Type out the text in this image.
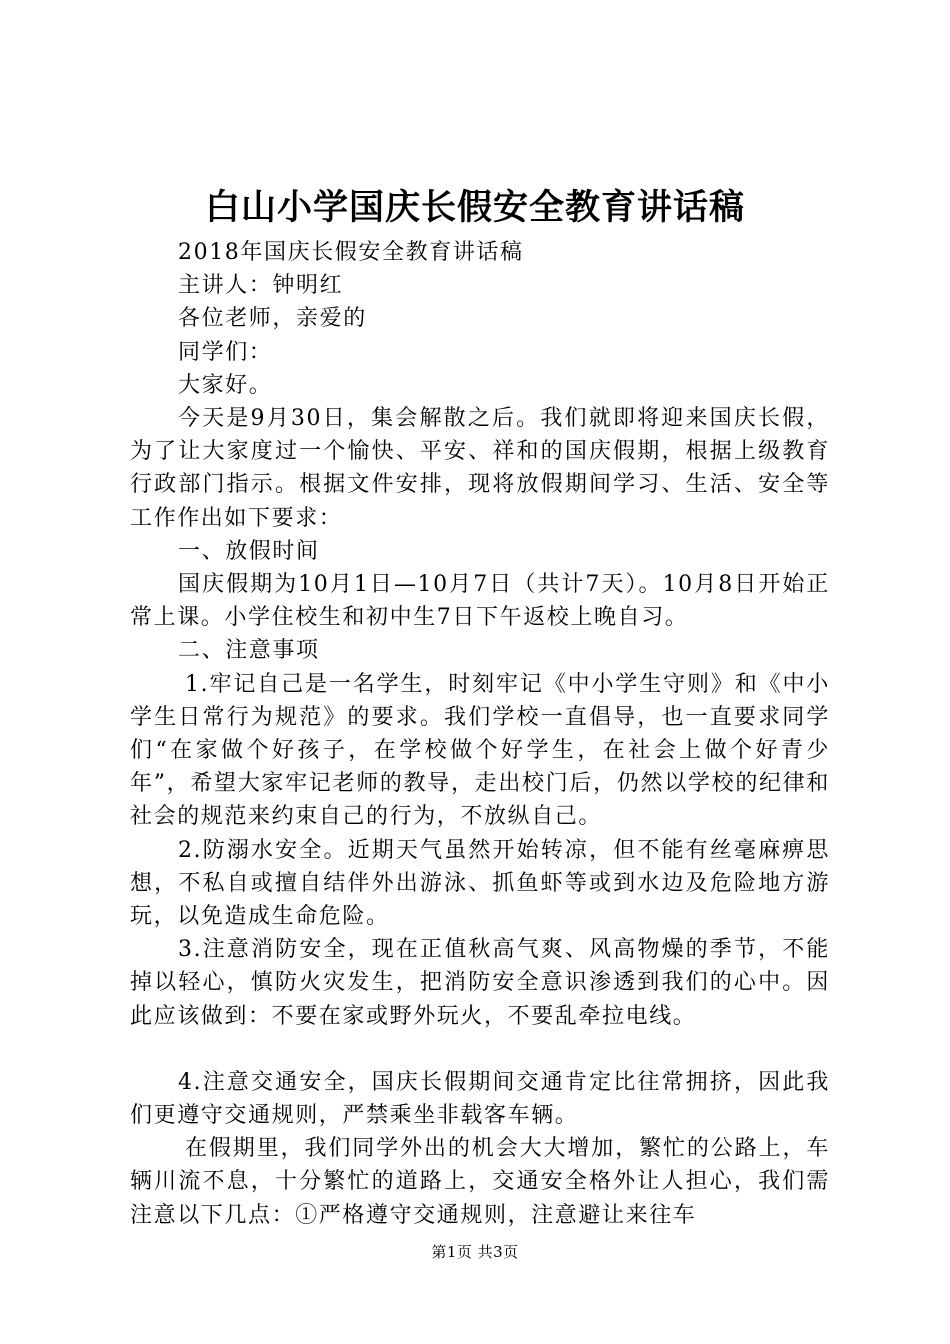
白山小学国庆长假安全教育讲话稿

2018年国庆长假安全教育讲话稿

主讲人：钟明红

各位老师，亲爱的

同学们：

大家好。

今天是9月30日，集会解散之后。我们就即将迎来国庆长假，为了让大家度过一个愉快、平安、祥和的国庆假期，根据上级教育行政部门指示。根据文件安排，现将放假期间学习、生活、安全等工作作出如下要求：

一、放假时间

国庆假期为10月1日—10月7日（共计7天）。10月8日开始正常上课。小学住校生和初中生7日下午返校上晚自习。

二、注意事项

1.牢记自己是一名学生，时刻牢记《中小学生守则》和《中小学生日常行为规范》的要求。我们学校一直倡导，也一直要求同学们“在家做个好孩子，在学校做个好学生，在社会上做个好青少年”，希望大家牢记老师的教导，走出校门后，仍然以学校的纪律和社会的规范来约束自己的行为，不放纵自己。

2.防溺水安全。近期天气虽然开始转凉，但不能有丝毫麻痹思想，不私自或擅自结伴外出游泳、抓鱼虾等或到水边及危险地方游玩，以免造成生命危险。

3.注意消防安全，现在正值秋高气爽、风高物燥的季节，不能掉以轻心，慎防火灾发生，把消防安全意识渗透到我们的心中。因此应该做到：不要在家或野外玩火，不要乱牵拉电线。

4.注意交通安全，国庆长假期间交通肯定比往常拥挤，因此我们更遵守交通规则，严禁乘坐非载客车辆。

在假期里，我们同学外出的机会大大增加，繁忙的公路上，车辆川流不息，十分繁忙的道路上，交通安全格外让人担心，我们需注意以下几点：①严格遵守交通规则，注意避让来往车

第1页 共3页
